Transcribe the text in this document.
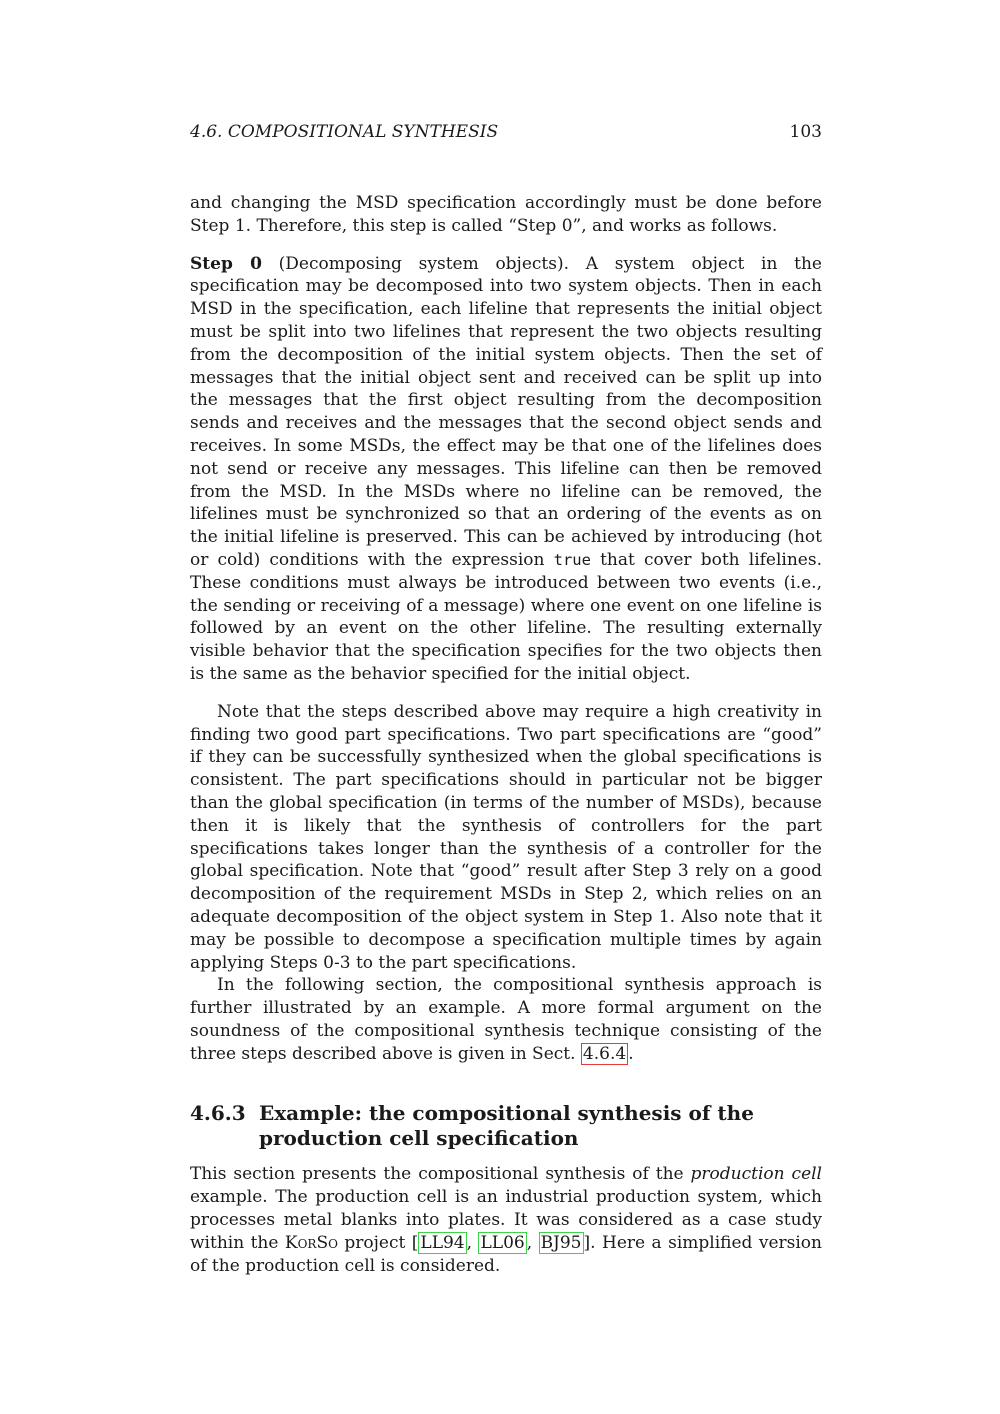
4.6. COMPOSITIONAL SYNTHESIS	103

and changing the MSD specification accordingly must be done before Step 1. Therefore, this step is called “Step 0”, and works as follows.

Step 0 (Decomposing system objects). A system object in the specification may be decomposed into two system objects. Then in each MSD in the specification, each lifeline that represents the initial object must be split into two lifelines that represent the two objects resulting from the decomposition of the initial system objects. Then the set of messages that the initial object sent and received can be split up into the messages that the first object resulting from the decomposition sends and receives and the messages that the second object sends and receives. In some MSDs, the effect may be that one of the lifelines does not send or receive any messages. This lifeline can then be removed from the MSD. In the MSDs where no lifeline can be removed, the lifelines must be synchronized so that an ordering of the events as on the initial lifeline is preserved. This can be achieved by introducing (hot or cold) conditions with the expression true that cover both lifelines. These conditions must always be introduced between two events (i.e., the sending or receiving of a message) where one event on one lifeline is followed by an event on the other lifeline. The resulting externally visible behavior that the specification specifies for the two objects then is the same as the behavior specified for the initial object.

Note that the steps described above may require a high creativity in finding two good part specifications. Two part specifications are “good” if they can be successfully synthesized when the global specifications is consistent. The part specifications should in particular not be bigger than the global specification (in terms of the number of MSDs), because then it is likely that the synthesis of controllers for the part specifications takes longer than the synthesis of a controller for the global specification. Note that “good” result after Step 3 rely on a good decomposition of the requirement MSDs in Step 2, which relies on an adequate decomposition of the object system in Step 1. Also note that it may be possible to decompose a specification multiple times by again applying Steps 0-3 to the part specifications.

In the following section, the compositional synthesis approach is further illustrated by an example. A more formal argument on the soundness of the compositional synthesis technique consisting of the three steps described above is given in Sect. 4.6.4 .

4.6.3 Example: the compositional synthesis of the production cell specification

This section presents the compositional synthesis of the production cell example. The production cell is an industrial production system, which processes metal blanks into plates. It was considered as a case study within the KorSo project [ LL94 , LL06 , BJ95 ]. Here a simplified version of the production cell is considered.
